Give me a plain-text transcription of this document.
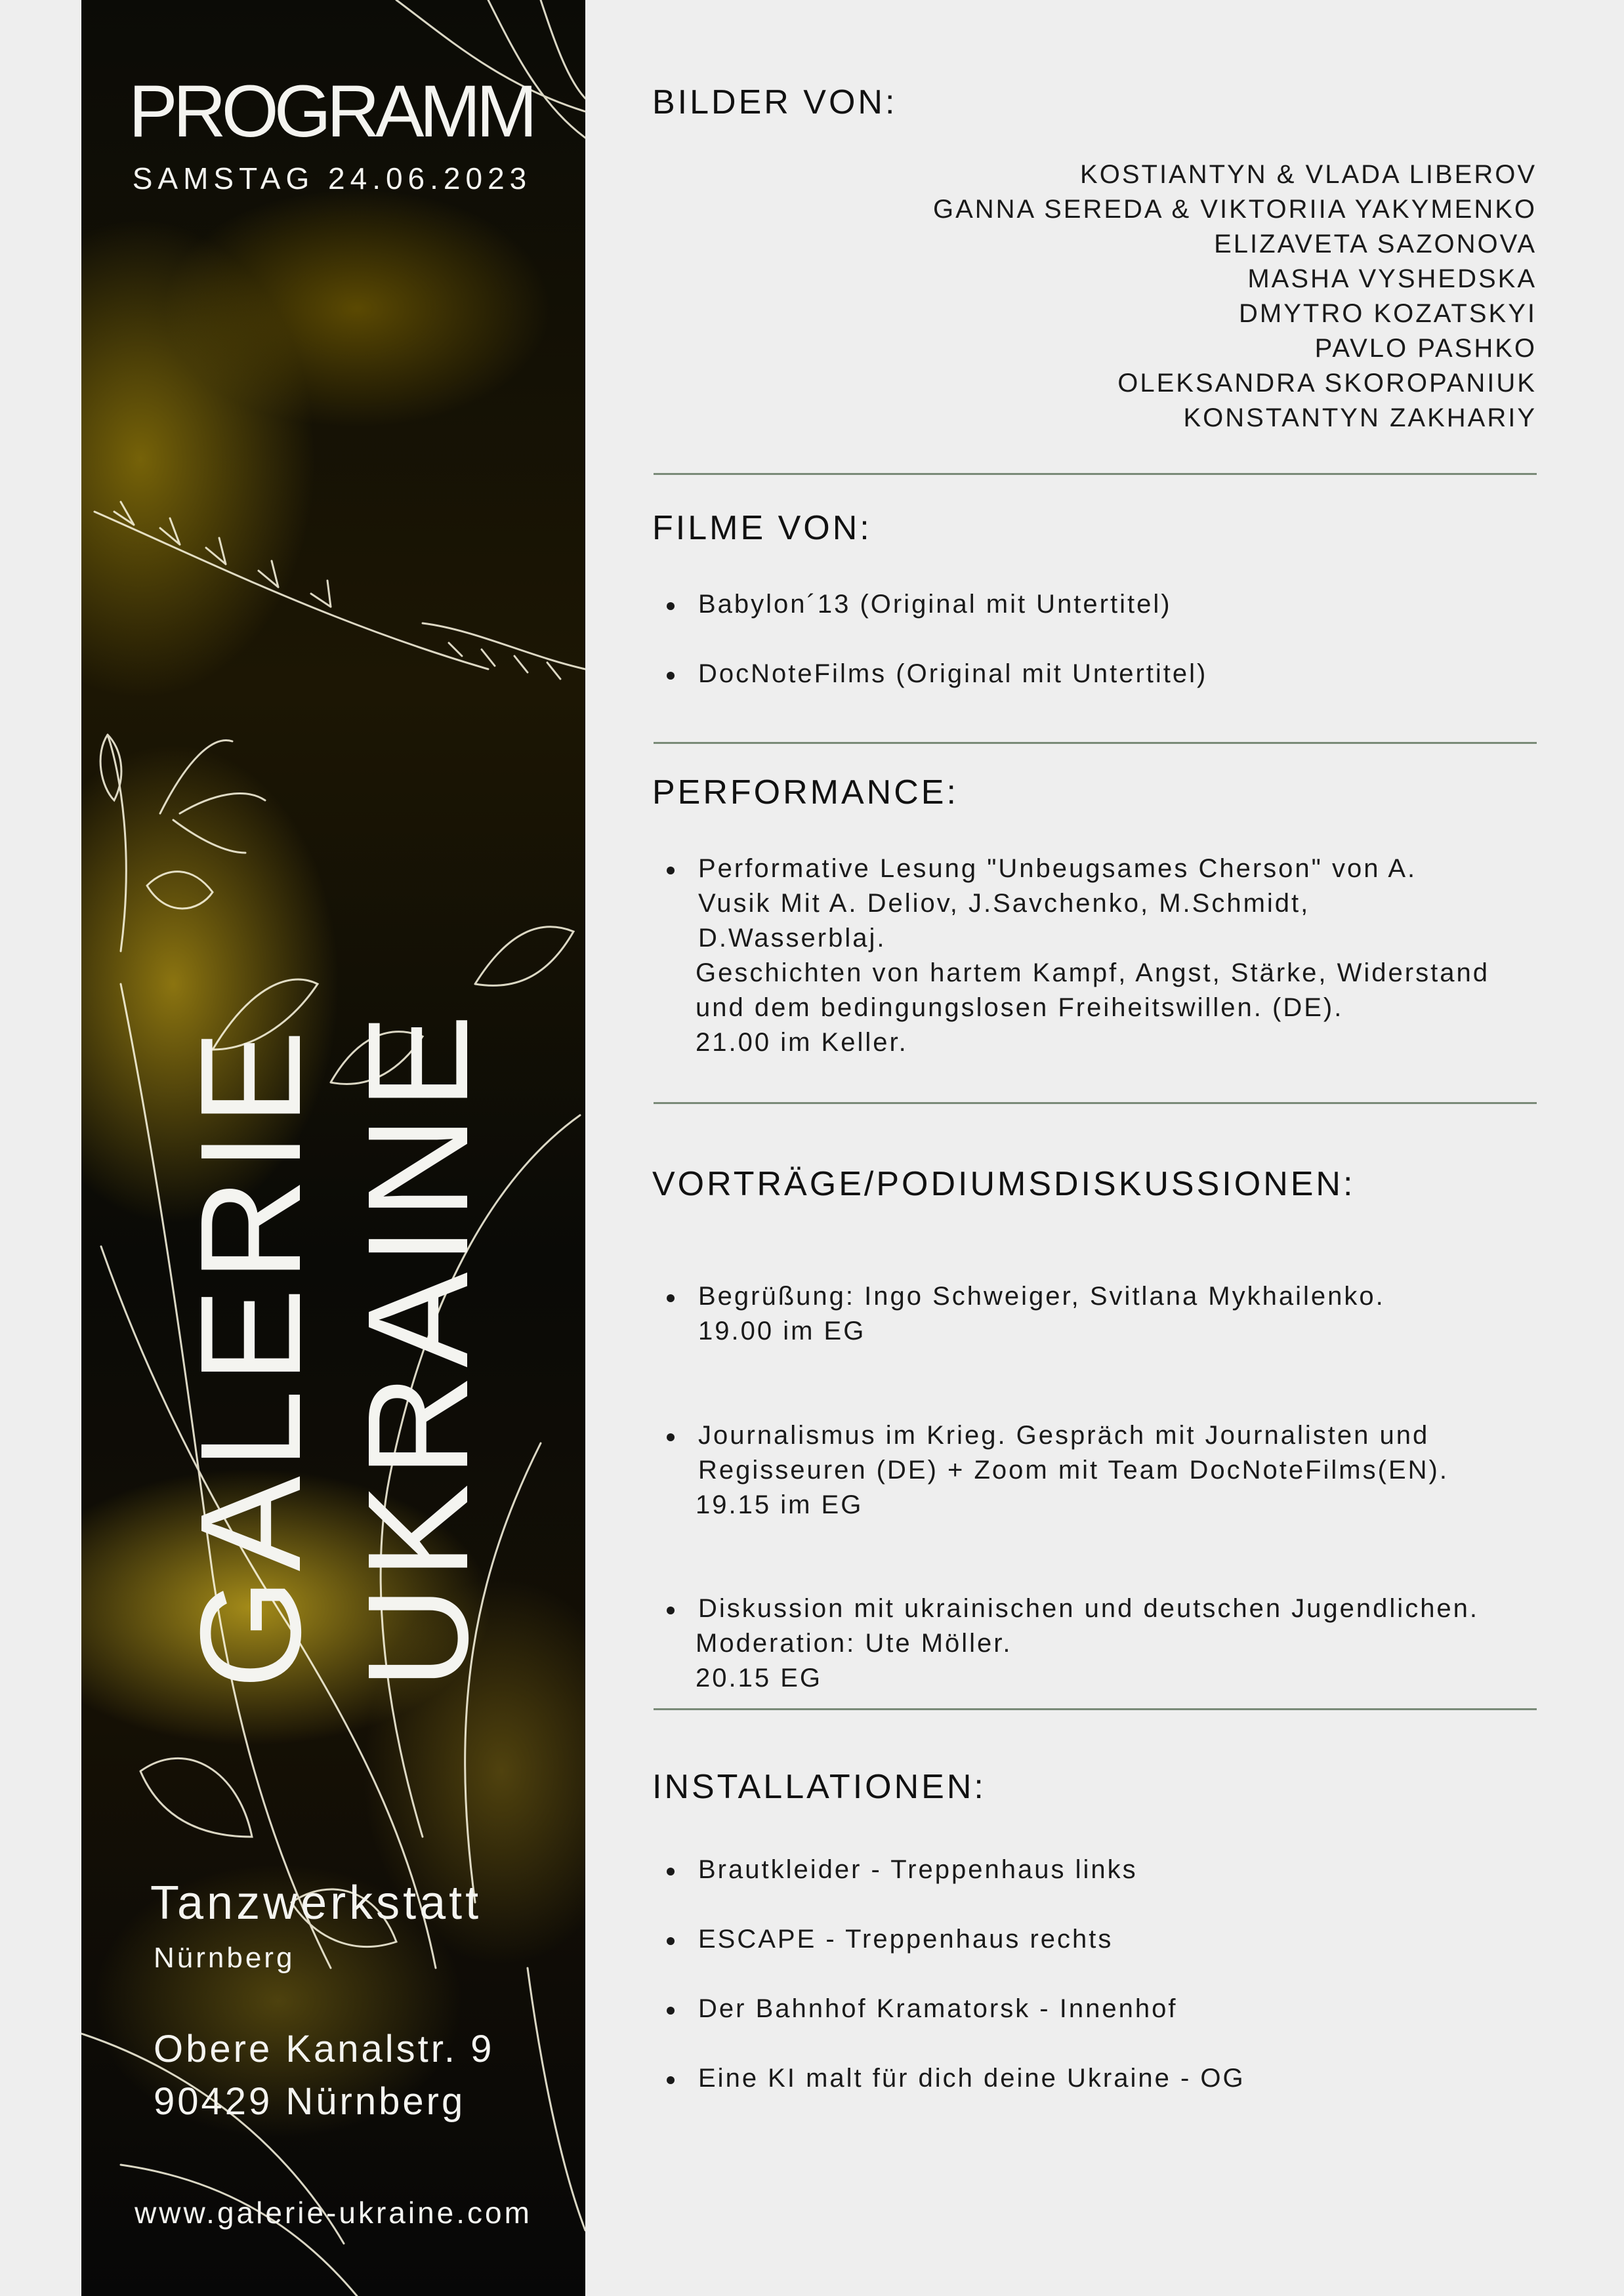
PROGRAMM
SAMSTAG 24.06.2023
GALERIE UKRAINE
Tanzwerkstatt
Nürnberg
Obere Kanalstr. 9
90429 Nürnberg
www.galerie-ukraine.com
BILDER VON:
KOSTIANTYN & VLADA LIBEROV
GANNA SEREDA & VIKTORIIA YAKYMENKO
ELIZAVETA SAZONOVA
MASHA VYSHEDSKA
DMYTRO KOZATSKYI
PAVLO PASHKO
OLEKSANDRA SKOROPANIUK
KONSTANTYN ZAKHARIY
FILME VON:
Babylon´13 (Original mit Untertitel)
DocNoteFilms (Original mit Untertitel)
PERFORMANCE:
Performative Lesung "Unbeugsames Cherson" von A.
Vusik Mit A. Deliov, J.Savchenko, M.Schmidt,
D.Wasserblaj.
Geschichten von hartem Kampf, Angst, Stärke, Widerstand
und dem bedingungslosen Freiheitswillen. (DE).
21.00 im Keller.
VORTRÄGE/PODIUMSDISKUSSIONEN:
Begrüßung: Ingo Schweiger, Svitlana Mykhailenko.
19.00 im EG
Journalismus im Krieg. Gespräch mit Journalisten und
Regisseuren (DE) + Zoom mit Team DocNoteFilms(EN).
19.15 im EG
Diskussion mit ukrainischen und deutschen Jugendlichen.
Moderation: Ute Möller.
20.15 EG
INSTALLATIONEN:
Brautkleider - Treppenhaus links
ESCAPE - Treppenhaus rechts
Der Bahnhof Kramatorsk - Innenhof
Eine KI malt für dich deine Ukraine - OG
